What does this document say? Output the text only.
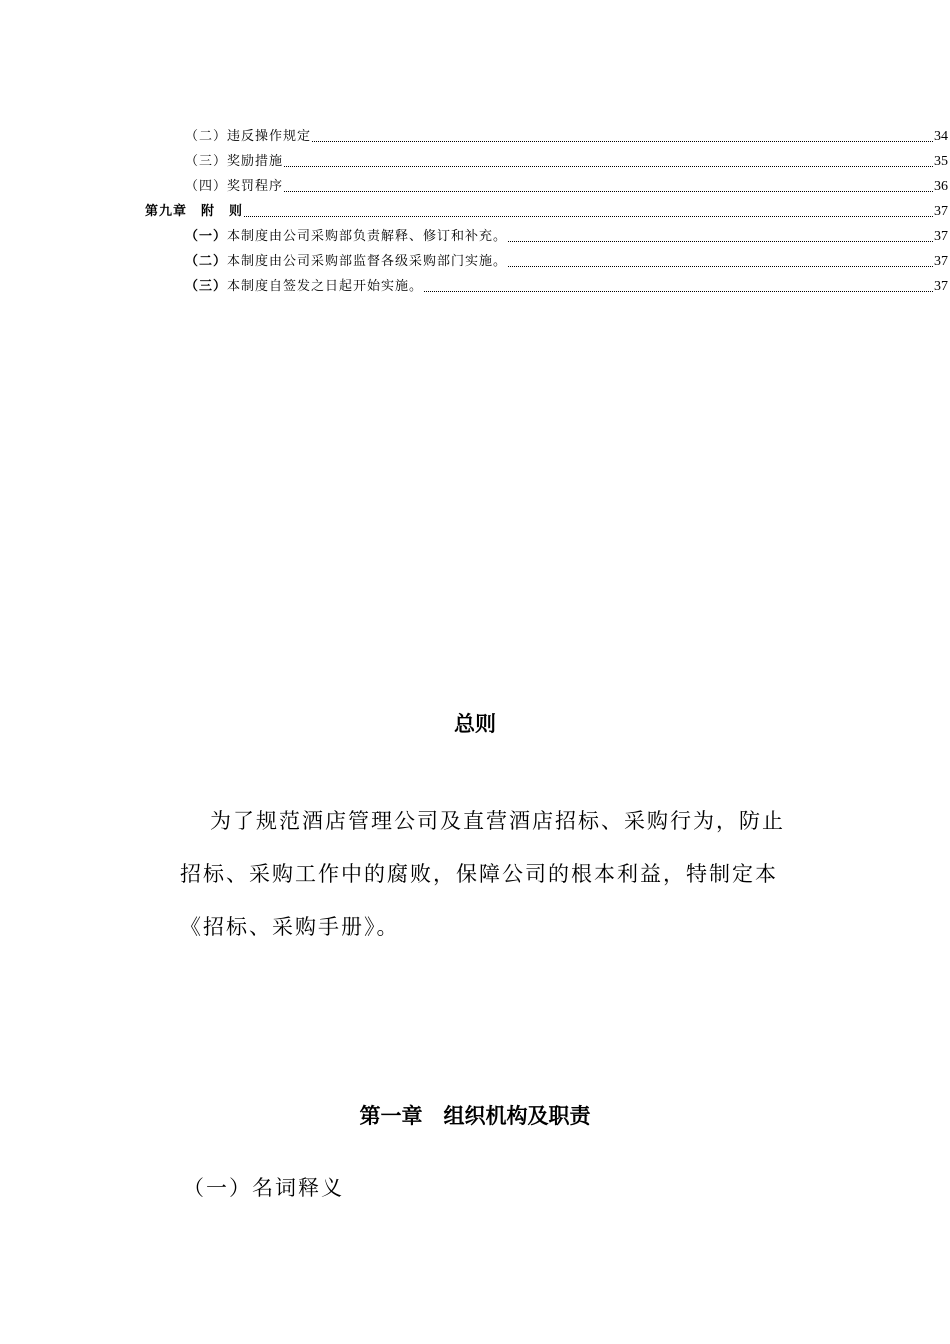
（二）违反操作规定	34
（三）奖励措施	35
（四）奖罚程序	36
第九章　附　则	37
（一）本制度由公司采购部负责解释、修订和补充。	37
（二）本制度由公司采购部监督各级采购部门实施。	37
（三）本制度自签发之日起开始实施。	37
总则
为了规范酒店管理公司及直营酒店招标、采购行为，防止
招标、采购工作中的腐败，保障公司的根本利益，特制定本
《招标、采购手册》。
第一章　组织机构及职责
（一）名词释义
